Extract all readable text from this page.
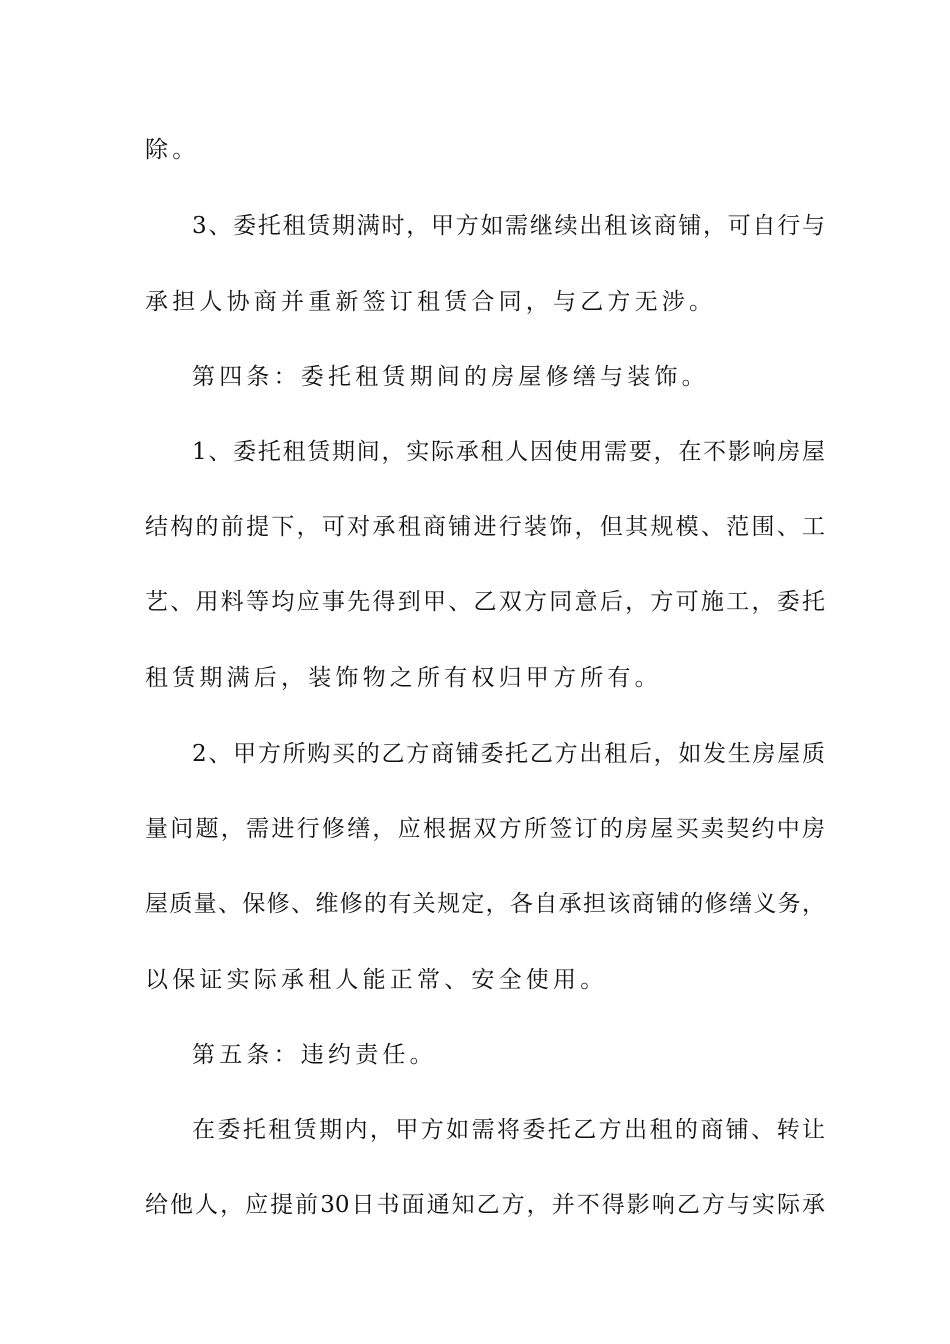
除。
3、委托租赁期满时，甲方如需继续出租该商铺，可自行与
承担人协商并重新签订租赁合同，与乙方无涉。
第四条：委托租赁期间的房屋修缮与装饰。
1、委托租赁期间，实际承租人因使用需要，在不影响房屋
结构的前提下，可对承租商铺进行装饰，但其规模、范围、工
艺、用料等均应事先得到甲、乙双方同意后，方可施工，委托
租赁期满后，装饰物之所有权归甲方所有。
2、甲方所购买的乙方商铺委托乙方出租后，如发生房屋质
量问题，需进行修缮，应根据双方所签订的房屋买卖契约中房
屋质量、保修、维修的有关规定，各自承担该商铺的修缮义务，
以保证实际承租人能正常、安全使用。
第五条：违约责任。
在委托租赁期内，甲方如需将委托乙方出租的商铺、转让
给他人，应提前30日书面通知乙方，并不得影响乙方与实际承
